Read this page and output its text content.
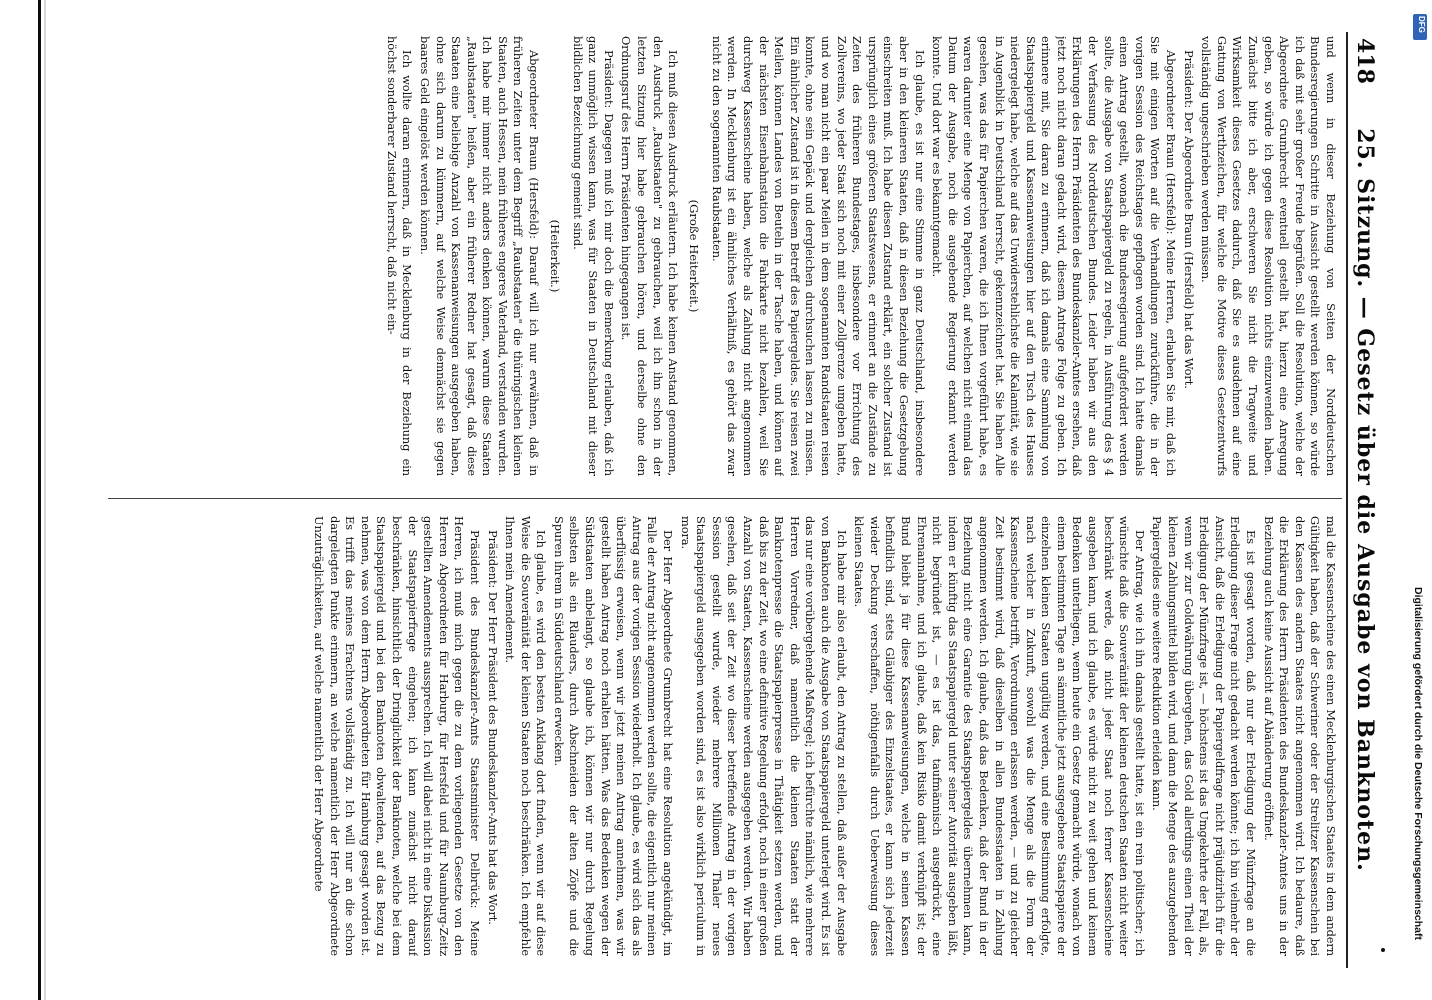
418
25. Sitzung. — Gesetz über die Ausgabe von Banknoten.

und wenn in dieser Beziehung von Seiten der Norddeutschen Bundesregierungen Schritte in Aussicht gestellt werden können, so würde ich daß mit sehr großer Freude begrüßen. Soll die Resolution, welche der Abgeordnete Grumbrecht eventuell gestellt hat, hierzu eine Anregung geben, so würde ich gegen diese Resolution nichts einzuwenden haben. Zunächst bitte ich aber, erschweren Sie nicht die Tragweite und Wirksamkeit dieses Gesetzes dadurch, daß Sie es ausdehnen auf eine Gattung von Werthzeichen, für welche die Motive dieses Gesetzentwurfs vollständig ungeschrieben werden müssen.

Präsident: Der Abgeordnete Braun (Hersfeld) hat das Wort.

Abgeordneter Braun (Hersfeld): Meine Herren, erlauben Sie mir, daß ich Sie mit einigen Worten auf die Verhandlungen zurückführe, die in der vorigen Session des Reichstages gepflogen worden sind. Ich hatte damals einen Antrag gestellt, wonach die Bundesregierung aufgefordert werden sollte, die Ausgabe von Staatspapiergeld zu regeln, in Ausführung des § 4 der Verfassung des Norddeutschen Bundes. Leider haben wir aus den Erklärungen des Herrn Präsidenten des Bundeskanzler-Amtes ersehen, daß jetzt noch nicht daran gedacht wird, diesem Antrage Folge zu geben. Ich erinnere mit, Sie daran zu erinnern, daß ich damals eine Sammlung von Staatspapiergeld und Kassenanweisungen hier auf den Tisch des Hauses niedergelegt habe, welche auf das Unwiderstehlichste die Kalamität, wie sie in Augenblick in Deutschland herrscht, gekennzeichnet hat. Sie haben Alle gesehen, was das für Papierchen waren, die ich Ihnen vorgeführt habe, es waren darunter eine Menge von Papierchen, auf welchen nicht einmal das Datum der Ausgabe, noch die ausgebende Regierung erkannt werden konnte. Und dort war es bekanntgemacht.

Ich glaube, es ist nur eine Stimme in ganz Deutschland, insbesondere aber in den kleineren Staaten, daß in diesen Beziehung die Gesetzgebung einschreiten muß. Ich habe diesen Zustand erklärt, ein solcher Zustand ist ursprünglich eines größeren Staatswesens, er erinnert an die Zustände zu Zeiten des früheren Bundestages, insbesondere vor Errichtung des Zollvereins, wo jeder Staat sich noch mit einer Zollgrenze umgeben hatte, und wo man nicht ein paar Meilen in dem sogenannten Randstaaten reisen konnte, ohne sein Gepäck und dergleichen durchsuchen lassen zu müssen. Ein ähnlicher Zustand ist in diesem Betreff des Papiergeldes. Sie reisen zwei Meilen, können Landes von Beuteln in der Tasche haben, und können auf der nächsten Eisenbahnstation die Fahrkarte nicht bezahlen, weil Sie durchweg Kassenscheine haben, welche als Zahlung nicht angenommen werden. In Mecklenburg ist ein ähnliches Verhältniß, es gehört das zwar nicht zu den sogenannten Raubstaaten.

(Große Heiterkeit.)

Ich muß diesen Ausdruck erläutern. Ich habe keinen Anstand genommen, den Ausdruck „Raubstaaten" zu gebrauchen, weil ich ihn schon in der letzten Sitzung hier habe gebrauchen hören, und derselbe ohne den Ordnungsruf des Herrn Präsidenten hingegangen ist.

Präsident: Dagegen muß ich mir doch die Bemerkung erlauben, daß ich ganz unmöglich wissen kann, was für Staaten in Deutschland mit dieser bildlichen Bezeichnung gemeint sind.

(Heiterkeit.)

Abgeordneter Braun (Hersfeld): Darauf will ich nur erwähnen, daß in früheren Zeiten unter dem Begriff „Raubstaaten" die thüringischen kleinen Staaten, auch Hessen, mein früheres engeres Vaterland, verstanden wurden. Ich habe mir immer nicht anders denken können, warum diese Staaten „Raubstaaten" heißen, aber ein früherer Redner hat gesagt, daß diese Staaten eine beliebige Anzahl von Kassenanweisungen ausgegeben haben, ohne sich darum zu kümmern, auf welche Weise demnächst sie gegen baares Geld eingelöst werden können.

Ich wollte daran erinnern, daß in Mecklenburg in der Beziehung ein höchst sonderbarer Zustand herrscht, daß nicht ein-

mal die Kassenscheine des einen Mecklenburgischen Staates in dem andern Gültigkeit haben, daß der Schweriner oder der Strelitzer Kassenschein bei den Kassen des andern Staates nicht angenommen wird. Ich bedaure, daß die Erklärung des Herrn Präsidenten des Bundeskanzler-Amtes uns in der Beziehung auch keine Aussicht auf Abänderung eröffnet.

Es ist gesagt worden, daß nur der Erledigung der Münzfrage an die Erledigung dieser Frage nicht gedacht werden könnte; ich bin vielmehr der Ansicht, daß die Erledigung der Papiergeldfrage nicht präjudizirlich für die Erledigung der Münzfrage ist, — höchstens ist das Umgekehrte der Fall, als, wenn wir zur Goldwährung übergehen, das Gold allerdings einen Theil der kleinen Zahlungsmittel bilden wird, und dann die Menge des auszugebenden Papiergeldes eine weitere Reduktion erleiden kann.

Der Antrag, wie ich ihn damals gestellt hatte, ist ein rein politischer; ich wünschte daß die Souveränität der kleinen deutschen Staaten nicht weiter beschränkt werde, daß nicht jeder Staat noch ferner Kassenscheine ausgeben kann, und ich glaube, es würde nicht zu weit gehen und keinem Bedenken unterliegen, wenn heute ein Gesetz gemacht würde, wonach von einem bestimmten Tage an sämmtliche jetzt ausgegebene Staatspapiere der einzelnen kleinen Staaten ungültig werden, und eine Bestimmung erfolgte, nach welcher in Zukunft, sowohl was die Menge als die Form der Kassenscheine betrifft, Verordnungen erlassen werden, — und zu gleicher Zeit bestimmt wird, daß dieselben in allen Bundesstaaten in Zahlung angenommen werden. Ich glaube, daß das Bedenken, daß der Bund in der Beziehung nicht eine Garantie des Staatspapiergeldes übernehmen kann, indem er künftig das Staatspapiergeld unter seiner Autorität ausgeben läßt, nicht begründet ist, — es ist das, taufmännisch ausgedrückt, eine Ehrenannahme, und ich glaube, daß kein Risiko damit verknüpft ist; der Bund bleibt ja für diese Kassenanweisungen, welche in seinen Kassen befindlich sind, stets Gläubiger des Einzelstaates, er kann sich jederzeit wieder Deckung verschaffen, nöthigenfalls durch Ueberweisung dieses kleinen Staates.

Ich habe mir also erlaubt, den Antrag zu stellen, daß außer der Ausgabe von Banknoten auch die Ausgabe von Staatspapiergeld unterlegt wird. Es ist das nur eine vorübergehende Maßregel; ich befürchte nämlich, wie mehrere Herren Vorredner, daß namentlich die kleinen Staaten statt der Banknotenpresse die Staatspapierpresse in Thätigkeit setzen werden, und daß bis zu der Zeit, wo eine definitive Regelung erfolgt, noch in einer großen Anzahl von Staaten, Kassenscheine werden ausgegeben werden. Wir haben gesehen, daß seit der Zeit wo dieser betreffende Antrag in der vorigen Session gestellt wurde, wieder mehrere Millionen Thaler neues Staatspapiergeld ausgegeben worden sind, es ist also wirklich periculum in mora.

Der Herr Abgeordnete Grumbrecht hat eine Resolution angekündigt, im Falle der Antrag nicht angenommen werden sollte, die eigentlich nur meinen Antrag aus der vorigen Session wiederholt. Ich glaube, es wird sich das als überflüssig erweisen, wenn wir jetzt meinen Antrag annehmen, was wir gestellt haben Antrag noch erhalten hätten. Was das Bedenken wegen der Südstaaten anbelangt, so glaube ich, können wir nur durch Regelung selbsten als ein Rlauders, durch Abschneiden der alten Zöpfe und die Spuren ihrem in Süddeutschland erwecken.

Ich glaube, es wird den besten Anklang dort finden, wenn wir auf diese Weise die Souveränität der kleinen Staaten noch beschränken. Ich empfehle Ihnen mein Amendement.

Präsident: Der Herr Präsident des Bundeskanzler-Amts hat das Wort.

Präsident des Bundeskanzler-Amts Staatsminister Delbrück: Meine Herren, ich muß mich gegen die zu dem vorliegenden Gesetze von den Herren Abgeordneten für Harburg, für Hersfeld und für Naumburg-Zeitz gestellten Amendements aussprechen. Ich will dabei nicht in eine Diskussion der Staatspapierfrage eingehen; ich kann zunächst nicht darauf beschränken, hinsichtlich der Dringlichkeit der Banknoten, welche bei dem Staatspapiergeld und bei den Banknoten obwaltenden, auf das Bezug zu nehmen, was von dem Herrn Abgeordneten für Hamburg gesagt worden ist. Es trifft das meines Erachtens vollständig zu. Ich will nur an die schon dargelegten Punkte erinnern, an welche namentlich der Herr Abgeordnete Unzuträglichkeiten, auf welche namentlich der Herr Abgeordnete

DFG
Digitalisierung gefördert durch die Deutsche Forschungsgemeinschaft
